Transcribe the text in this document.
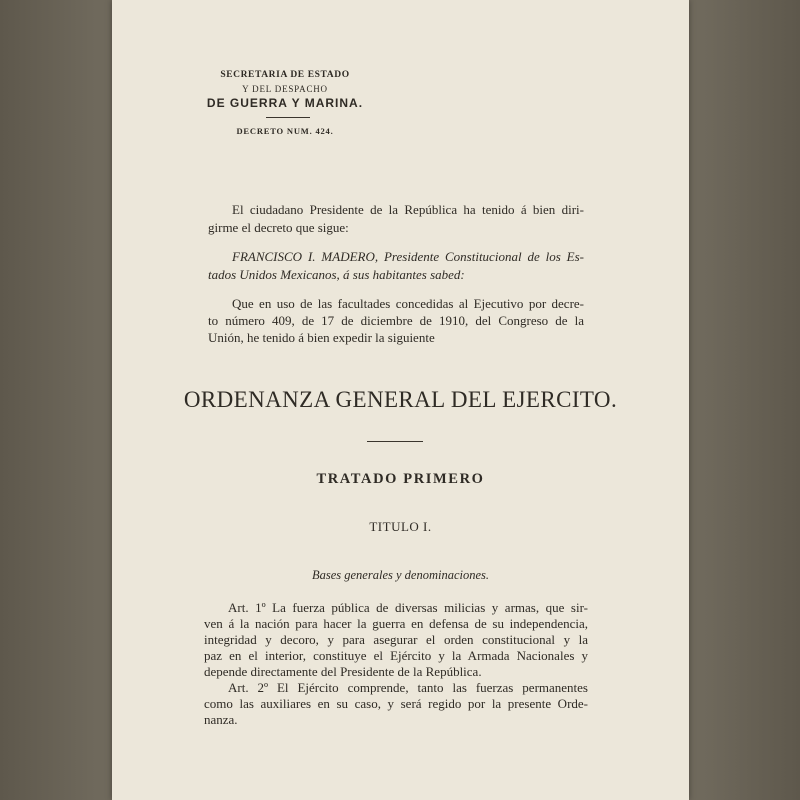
SECRETARIA DE ESTADO
Y DEL DESPACHO
DE GUERRA Y MARINA.
DECRETO NUM. 424.
El ciudadano Presidente de la República ha tenido á bien diri-
girme el decreto que sigue:
FRANCISCO I. MADERO, Presidente Constitucional de los Es-
tados Unidos Mexicanos, á sus habitantes sabed:
Que en uso de las facultades concedidas al Ejecutivo por decre-
to número 409, de 17 de diciembre de 1910, del Congreso de la
Unión, he tenido á bien expedir la siguiente
ORDENANZA GENERAL DEL EJERCITO.
TRATADO PRIMERO
TITULO I.
Bases generales y denominaciones.
Art. 1º La fuerza pública de diversas milicias y armas, que sir-
ven á la nación para hacer la guerra en defensa de su independencia,
integridad y decoro, y para asegurar el orden constitucional y la
paz en el interior, constituye el Ejército y la Armada Nacionales y
depende directamente del Presidente de la República.
Art. 2º El Ejército comprende, tanto las fuerzas permanentes
como las auxiliares en su caso, y será regido por la presente Orde-
nanza.
